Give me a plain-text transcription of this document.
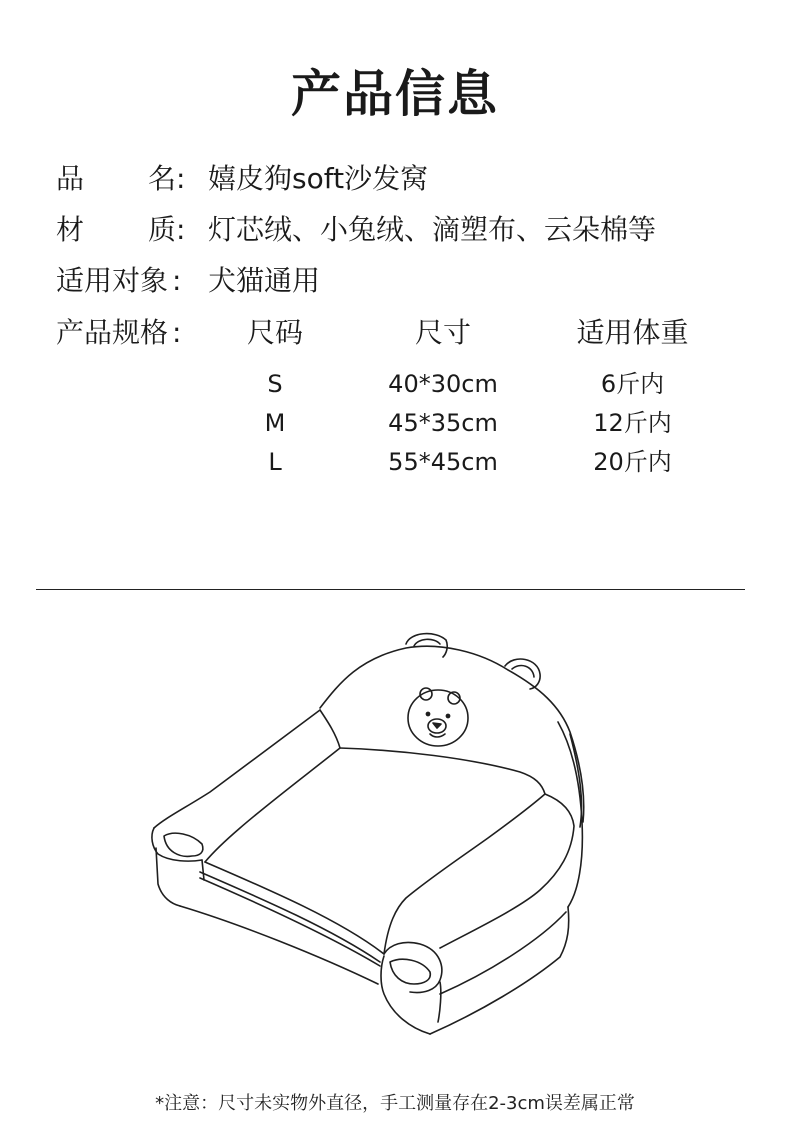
产品信息
品 名 : 嬉皮狗soft沙发窝
材 质 : 灯芯绒、小兔绒、滴塑布、云朵棉等
适用对象 : 犬猫通用
产品规格 :	尺码	尺寸	适用体重
S	40*30cm	6斤内
M	45*35cm	12斤内
L	55*45cm	20斤内
*注意：尺寸未实物外直径，手工测量存在2-3cm误差属正常
